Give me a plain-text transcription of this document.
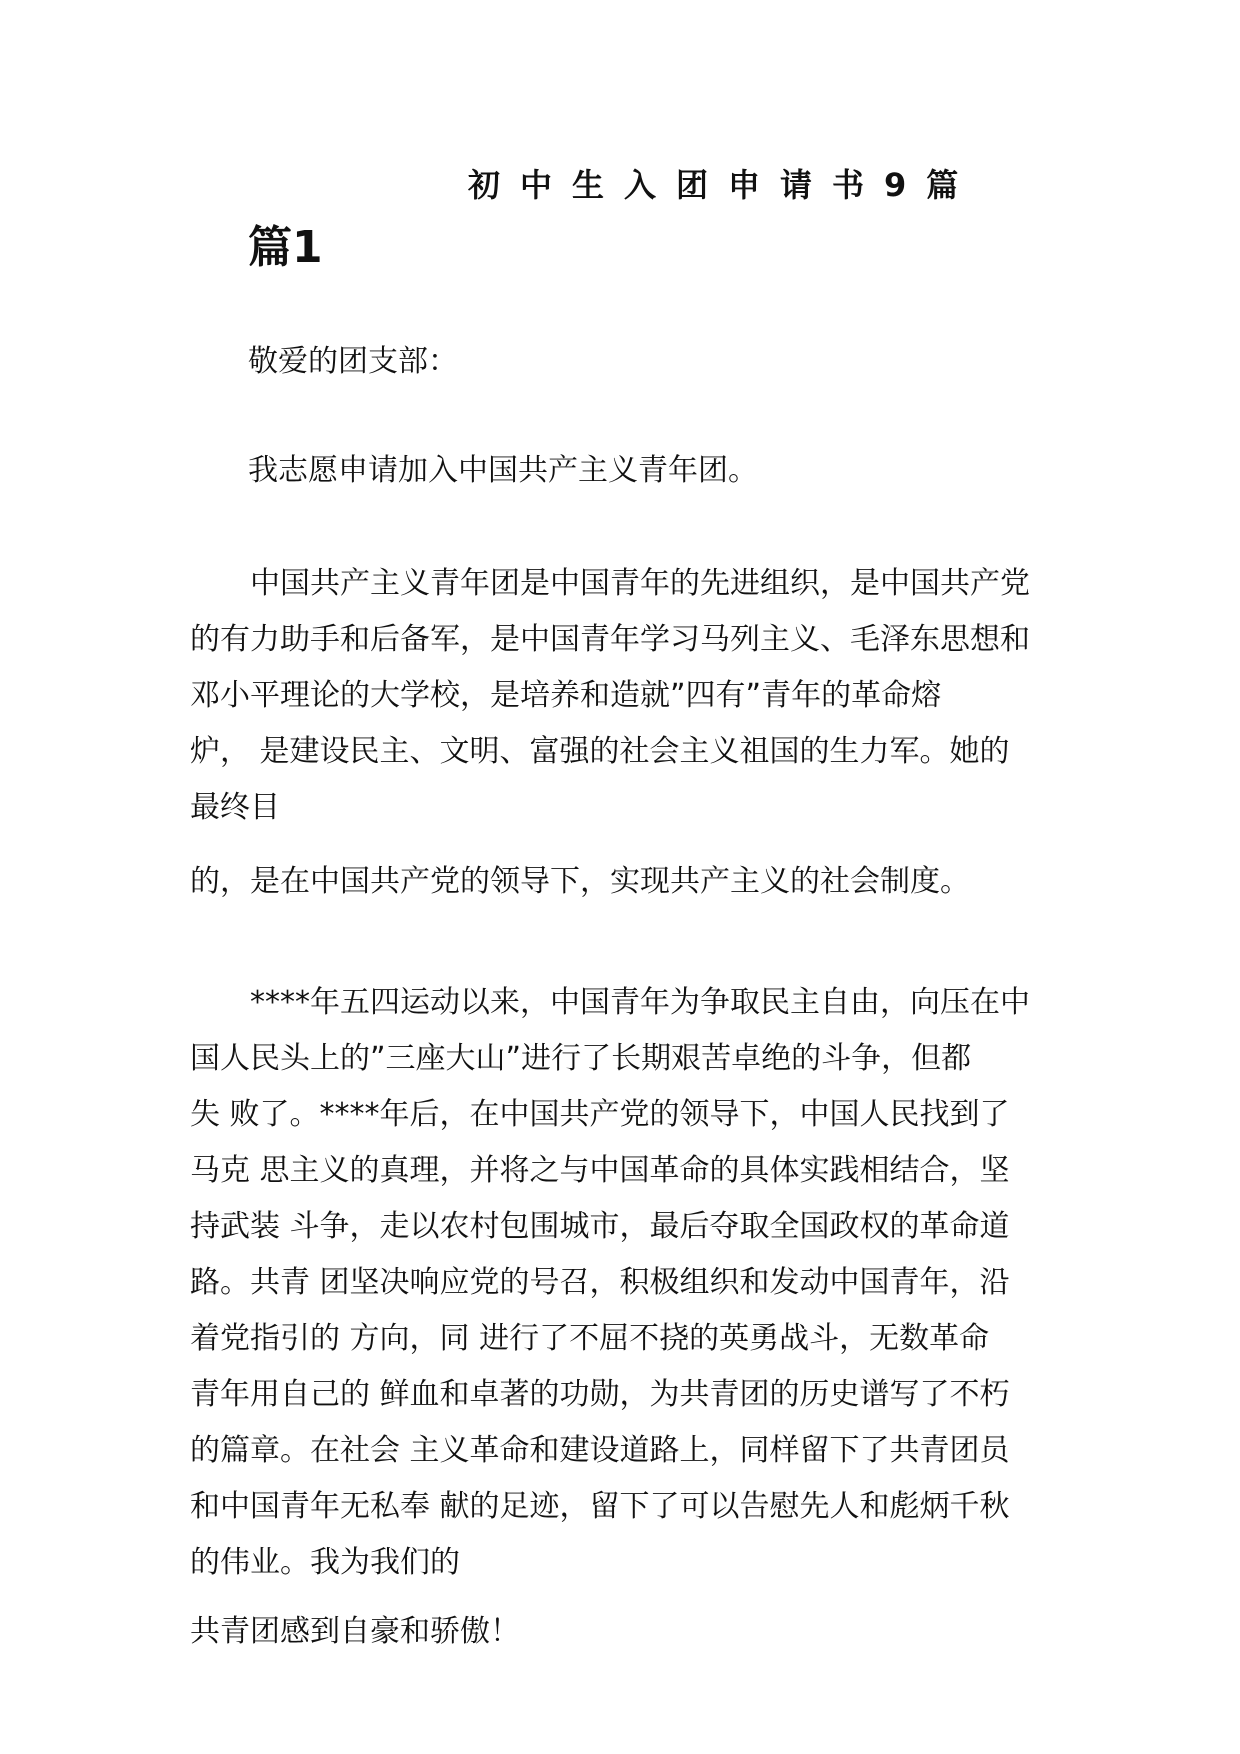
初中生入团申请书9篇
篇1
敬爱的团支部：
我志愿申请加入中国共产主义青年团。
　　中国共产主义青年团是中国青年的先进组织，是中国共产党
的有力助手和后备军，是中国青年学习马列主义、毛泽东思想和
邓小平理论的大学校，是培养和造就”四有”青年的革命熔
炉， 是建设民主、文明、富强的社会主义祖国的生力军。她的
最终目
的，是在中国共产党的领导下，实现共产主义的社会制度。
　　****年五四运动以来，中国青年为争取民主自由，向压在中
国人民头上的”三座大山”进行了长期艰苦卓绝的斗争，但都
失 败了。****年后，在中国共产党的领导下，中国人民找到了
马克 思主义的真理，并将之与中国革命的具体实践相结合，坚
持武装 斗争，走以农村包围城市，最后夺取全国政权的革命道
路。共青 团坚决响应党的号召，积极组织和发动中国青年，沿
着党指引的 方向，同 进行了不屈不挠的英勇战斗，无数革命
青年用自己的 鲜血和卓著的功勋，为共青团的历史谱写了不朽
的篇章。在社会 主义革命和建设道路上，同样留下了共青团员
和中国青年无私奉 献的足迹，留下了可以告慰先人和彪炳千秋
的伟业。我为我们的
共青团感到自豪和骄傲！
